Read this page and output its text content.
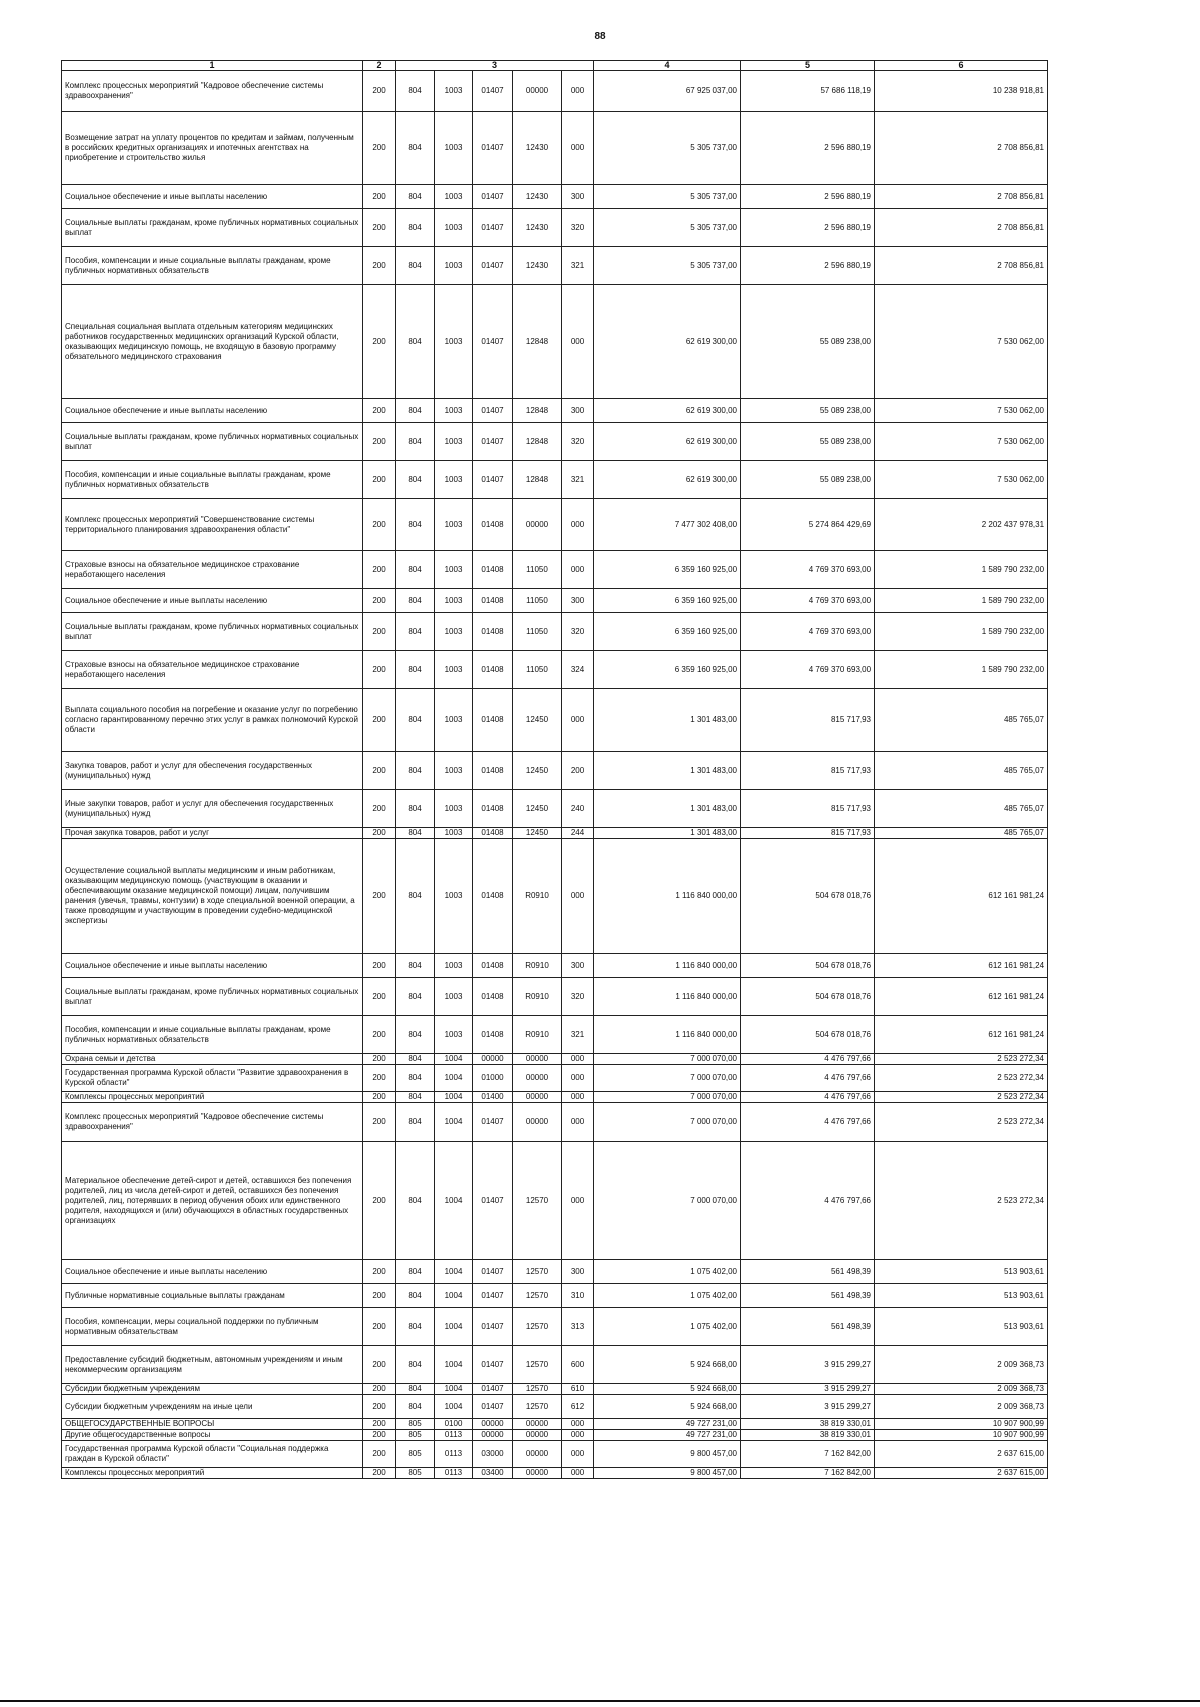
88
1	2	3					4	5	6
Комплекс процессных мероприятий "Кадровое обеспечение системы здравоохранения"	200	804	1003	01407	00000	000	67 925 037,00	57 686 118,19	10 238 918,81
Возмещение затрат на уплату процентов по кредитам и займам, полученным в российских кредитных организациях и ипотечных агентствах на приобретение и строительство жилья	200	804	1003	01407	12430	000	5 305 737,00	2 596 880,19	2 708 856,81
Социальное обеспечение и иные выплаты населению	200	804	1003	01407	12430	300	5 305 737,00	2 596 880,19	2 708 856,81
Социальные выплаты гражданам, кроме публичных нормативных социальных выплат	200	804	1003	01407	12430	320	5 305 737,00	2 596 880,19	2 708 856,81
Пособия, компенсации и иные социальные выплаты гражданам, кроме публичных нормативных обязательств	200	804	1003	01407	12430	321	5 305 737,00	2 596 880,19	2 708 856,81
Специальная социальная выплата отдельным категориям медицинских работников государственных медицинских организаций Курской области, оказывающих медицинскую помощь, не входящую в базовую программу обязательного медицинского страхования	200	804	1003	01407	12848	000	62 619 300,00	55 089 238,00	7 530 062,00
Социальное обеспечение и иные выплаты населению	200	804	1003	01407	12848	300	62 619 300,00	55 089 238,00	7 530 062,00
Социальные выплаты гражданам, кроме публичных нормативных социальных выплат	200	804	1003	01407	12848	320	62 619 300,00	55 089 238,00	7 530 062,00
Пособия, компенсации и иные социальные выплаты гражданам, кроме публичных нормативных обязательств	200	804	1003	01407	12848	321	62 619 300,00	55 089 238,00	7 530 062,00
Комплекс процессных мероприятий "Совершенствование системы территориального планирования здравоохранения области"	200	804	1003	01408	00000	000	7 477 302 408,00	5 274 864 429,69	2 202 437 978,31
Страховые взносы на обязательное медицинское страхование неработающего населения	200	804	1003	01408	11050	000	6 359 160 925,00	4 769 370 693,00	1 589 790 232,00
Социальное обеспечение и иные выплаты населению	200	804	1003	01408	11050	300	6 359 160 925,00	4 769 370 693,00	1 589 790 232,00
Социальные выплаты гражданам, кроме публичных нормативных социальных выплат	200	804	1003	01408	11050	320	6 359 160 925,00	4 769 370 693,00	1 589 790 232,00
Страховые взносы на обязательное медицинское страхование неработающего населения	200	804	1003	01408	11050	324	6 359 160 925,00	4 769 370 693,00	1 589 790 232,00
Выплата социального пособия на погребение и оказание услуг по погребению согласно гарантированному перечню этих услуг в рамках полномочий Курской области	200	804	1003	01408	12450	000	1 301 483,00	815 717,93	485 765,07
Закупка товаров, работ и услуг для обеспечения государственных (муниципальных) нужд	200	804	1003	01408	12450	200	1 301 483,00	815 717,93	485 765,07
Иные закупки товаров, работ и услуг для обеспечения государственных (муниципальных) нужд	200	804	1003	01408	12450	240	1 301 483,00	815 717,93	485 765,07
Прочая закупка товаров, работ и услуг	200	804	1003	01408	12450	244	1 301 483,00	815 717,93	485 765,07
Осуществление социальной выплаты медицинским и иным работникам, оказывающим медицинскую помощь (участвующим в оказании и обеспечивающим оказание медицинской помощи) лицам, получившим ранения (увечья, травмы, контузии) в ходе специальной военной операции, а также проводящим и участвующим в проведении судебно-медицинской экспертизы	200	804	1003	01408	R0910	000	1 116 840 000,00	504 678 018,76	612 161 981,24
Социальное обеспечение и иные выплаты населению	200	804	1003	01408	R0910	300	1 116 840 000,00	504 678 018,76	612 161 981,24
Социальные выплаты гражданам, кроме публичных нормативных социальных выплат	200	804	1003	01408	R0910	320	1 116 840 000,00	504 678 018,76	612 161 981,24
Пособия, компенсации и иные социальные выплаты гражданам, кроме публичных нормативных обязательств	200	804	1003	01408	R0910	321	1 116 840 000,00	504 678 018,76	612 161 981,24
Охрана семьи и детства	200	804	1004	00000	00000	000	7 000 070,00	4 476 797,66	2 523 272,34
Государственная программа Курской области "Развитие здравоохранения в Курской области"	200	804	1004	01000	00000	000	7 000 070,00	4 476 797,66	2 523 272,34
Комплексы процессных мероприятий	200	804	1004	01400	00000	000	7 000 070,00	4 476 797,66	2 523 272,34
Комплекс процессных мероприятий "Кадровое обеспечение системы здравоохранения"	200	804	1004	01407	00000	000	7 000 070,00	4 476 797,66	2 523 272,34
Материальное обеспечение детей-сирот и детей, оставшихся без попечения родителей, лиц из числа детей-сирот и детей, оставшихся без попечения родителей, лиц, потерявших в период обучения обоих или единственного родителя, находящихся и (или) обучающихся в областных государственных организациях	200	804	1004	01407	12570	000	7 000 070,00	4 476 797,66	2 523 272,34
Социальное обеспечение и иные выплаты населению	200	804	1004	01407	12570	300	1 075 402,00	561 498,39	513 903,61
Публичные нормативные социальные выплаты гражданам	200	804	1004	01407	12570	310	1 075 402,00	561 498,39	513 903,61
Пособия, компенсации, меры социальной поддержки по публичным нормативным обязательствам	200	804	1004	01407	12570	313	1 075 402,00	561 498,39	513 903,61
Предоставление субсидий бюджетным, автономным учреждениям и иным некоммерческим организациям	200	804	1004	01407	12570	600	5 924 668,00	3 915 299,27	2 009 368,73
Субсидии бюджетным учреждениям	200	804	1004	01407	12570	610	5 924 668,00	3 915 299,27	2 009 368,73
Субсидии бюджетным учреждениям на иные цели	200	804	1004	01407	12570	612	5 924 668,00	3 915 299,27	2 009 368,73
ОБЩЕГОСУДАРСТВЕННЫЕ ВОПРОСЫ	200	805	0100	00000	00000	000	49 727 231,00	38 819 330,01	10 907 900,99
Другие общегосударственные вопросы	200	805	0113	00000	00000	000	49 727 231,00	38 819 330,01	10 907 900,99
Государственная программа Курской области "Социальная поддержка граждан в Курской области"	200	805	0113	03000	00000	000	9 800 457,00	7 162 842,00	2 637 615,00
Комплексы процессных мероприятий	200	805	0113	03400	00000	000	9 800 457,00	7 162 842,00	2 637 615,00
